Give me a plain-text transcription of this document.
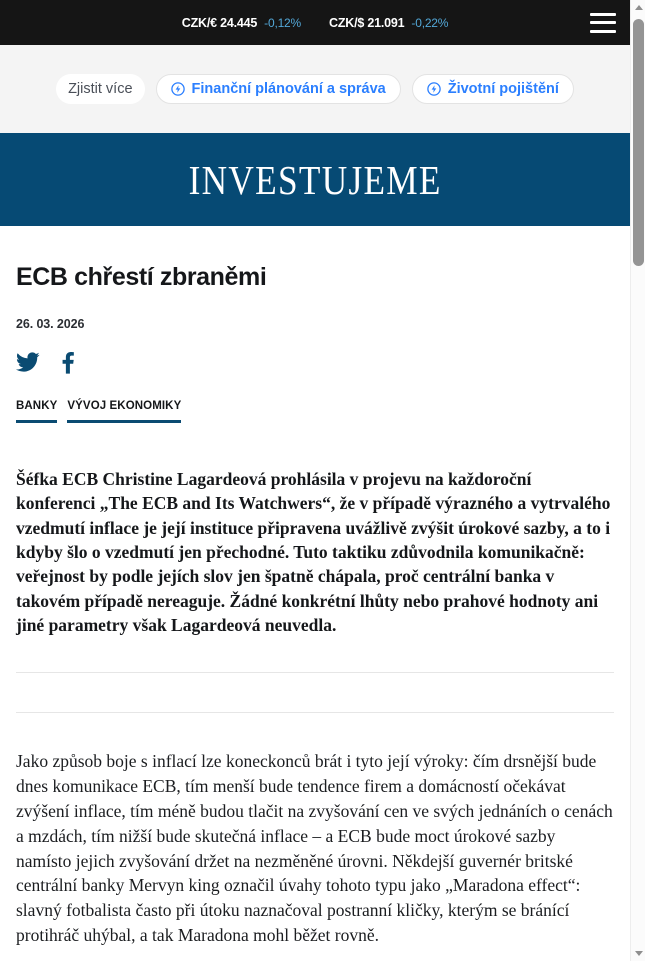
CZK/€ 24.445 -0,12% CZK/$ 21.091 -0,22%
Zjistit více	Finanční plánování a správa	Životní pojištění
INVESTUJEME
ECB chřestí zbraněmi
26. 03. 2026
BANKY VÝVOJ EKONOMIKY

Šéfka ECB Christine Lagardeová prohlásila v projevu na každoroční konferenci „The ECB and Its Watchwers“, že v případě výrazného a vytrvalého vzedmutí inflace je její instituce připravena uvážlivě zvýšit úrokové sazby, a to i kdyby šlo o vzedmutí jen přechodné. Tuto taktiku zdůvodnila komunikačně: veřejnost by podle jejích slov jen špatně chápala, proč centrální banka v takovém případě nereaguje. Žádné konkrétní lhůty nebo prahové hodnoty ani jiné parametry však Lagardeová neuvedla.

Jako způsob boje s inflací lze koneckonců brát i tyto její výroky: čím drsnější bude dnes komunikace ECB, tím menší bude tendence firem a domácností očekávat zvýšení inflace, tím méně budou tlačit na zvyšování cen ve svých jednáních o cenách a mzdách, tím nižší bude skutečná inflace – a ECB bude moct úrokové sazby namísto jejich zvyšování držet na nezměněné úrovni. Někdejší guvernér britské centrální banky Mervyn king označil úvahy tohoto typu jako „Maradona effect“: slavný fotbalista často při útoku naznačoval postranní kličky, kterým se bránící protihráč uhýbal, a tak Maradona mohl běžet rovně.
